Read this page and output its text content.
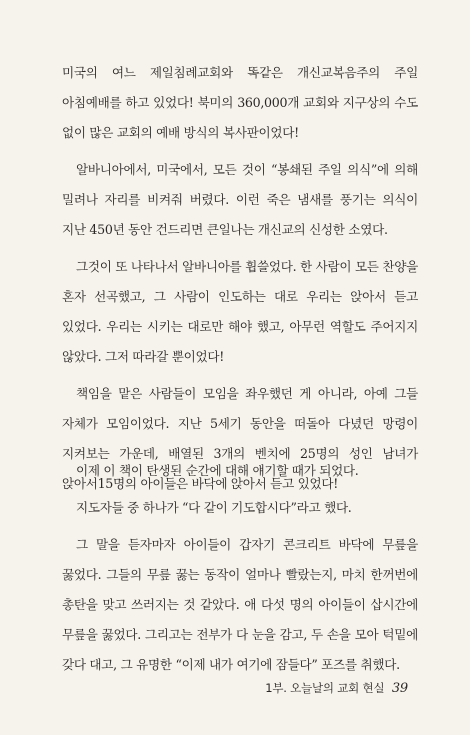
미국의 여느 제일침례교회와 똑같은 개신교복음주의 주일 아침예배를 하고 있었다! 북미의 360,000개 교회와 지구상의 수도 없이 많은 교회의 예배 방식의 복사판이었다!

알바니아에서, 미국에서, 모든 것이 “봉쇄된 주일 의식”에 의해 밀려나 자리를 비켜줘 버렸다. 이런 죽은 냄새를 풍기는 의식이 지난 450년 동안 건드리면 큰일나는 개신교의 신성한 소였다.

그것이 또 나타나서 알바니아를 휩쓸었다. 한 사람이 모든 찬양을 혼자 선곡했고, 그 사람이 인도하는 대로 우리는 앉아서 듣고 있었다. 우리는 시키는 대로만 해야 했고, 아무런 역할도 주어지지 않았다. 그저 따라갈 뿐이었다!

책임을 맡은 사람들이 모임을 좌우했던 게 아니라, 아예 그들 자체가 모임이었다. 지난 5세기 동안을 떠돌아 다녔던 망령이 지켜보는 가운데, 배열된 3개의 벤치에 25명의 성인 남녀가 앉아서15명의 아이들은 바닥에 앉아서 듣고 있었다!

이제 이 책이 탄생된 순간에 대해 얘기할 때가 되었다.

지도자들 중 하나가 “다 같이 기도합시다”라고 했다.

그 말을 듣자마자 아이들이 갑자기 콘크리트 바닥에 무릎을 꿇었다. 그들의 무릎 꿇는 동작이 얼마나 빨랐는지, 마치 한꺼번에 총탄을 맞고 쓰러지는 것 같았다. 애 다섯 명의 아이들이 삽시간에 무릎을 꿇었다. 그리고는 전부가 다 눈을 감고, 두 손을 모아 턱밑에 갖다 대고, 그 유명한 “이제 내가 여기에 잠들다” 포즈를 취했다.

1부. 오늘날의 교회 현실 39
